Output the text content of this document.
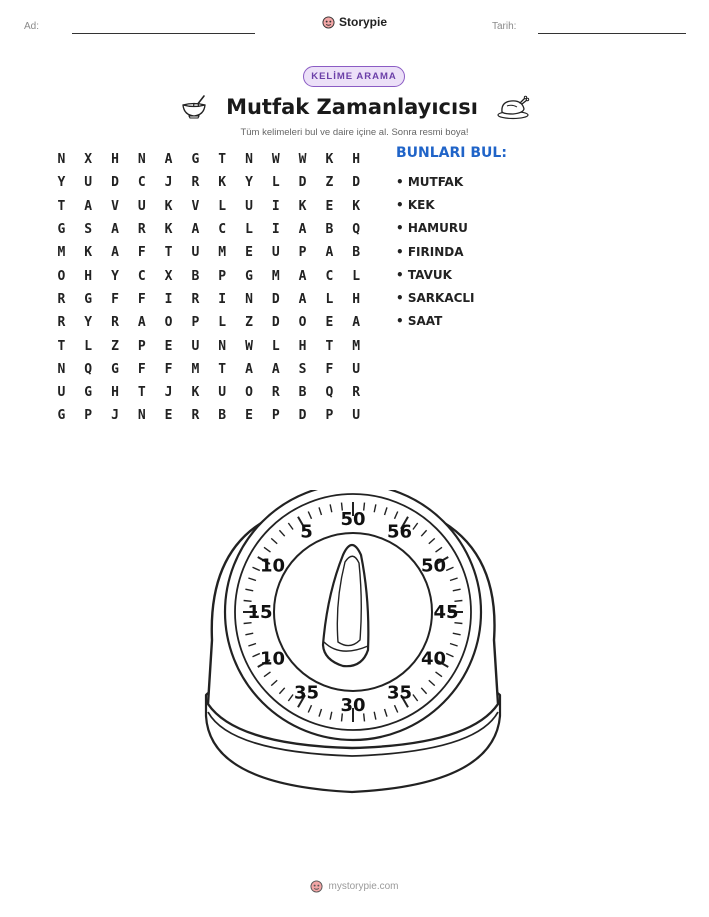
Ad:	Storypie	Tarih:
KELİME ARAMA
Mutfak Zamanlayıcısı
Tüm kelimeleri bul ve daire içine al. Sonra resmi boya!
N	X	H	N	A	G	T	N	W	W	K	H
Y	U	D	C	J	R	K	Y	L	D	Z	D
T	A	V	U	K	V	L	U	I	K	E	K
G	S	A	R	K	A	C	L	I	A	B	Q
M	K	A	F	T	U	M	E	U	P	A	B
O	H	Y	C	X	B	P	G	M	A	C	L
R	G	F	F	I	R	I	N	D	A	L	H
R	Y	R	A	O	P	L	Z	D	O	E	A
T	L	Z	P	E	U	N	W	L	H	T	M
N	Q	G	F	F	M	T	A	A	S	F	U
U	G	H	T	J	K	U	O	R	B	Q	R
G	P	J	N	E	R	B	E	P	D	P	U
BUNLARI BUL:
• MUTFAK
• KEK
• HAMURU
• FIRINDA
• TAVUK
• SARKACLI
• SAAT
50
56
50
45
40
35
30
35
10
15
10
5
mystorypie.com
